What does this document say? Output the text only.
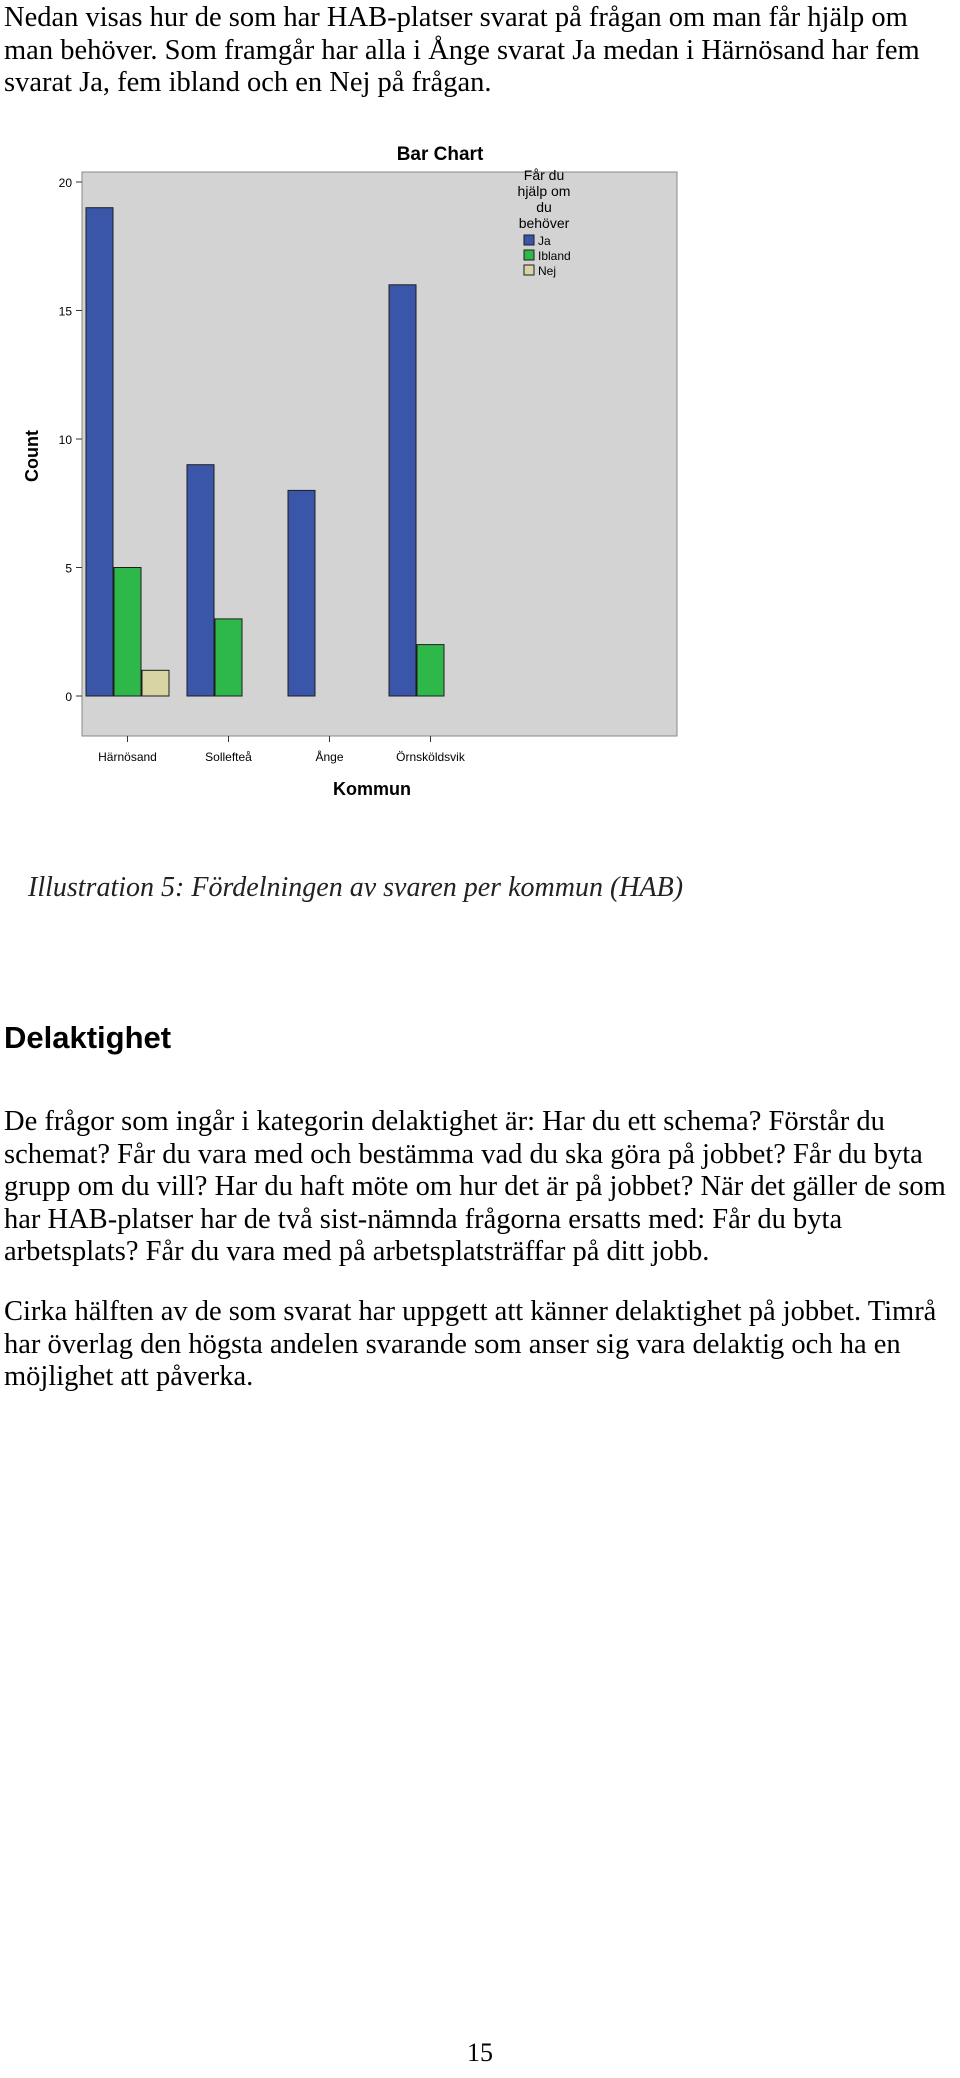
Nedan visas hur de som har HAB-platser svarat på frågan om man får hjälp om man behöver. Som framgår har alla i Ånge svarat Ja medan i Härnösand har fem svarat Ja, fem ibland och en Nej på frågan.

Bar Chart
0
5
10
15
20
Härnösand	Sollefteå	Ånge	Örnsköldsvik
Count
Kommun
Får du
hjälp om
du
behöver
Ja
Ibland
Nej

Illustration 5: Fördelningen av svaren per kommun (HAB)

Delaktighet

De frågor som ingår i kategorin delaktighet är: Har du ett schema? Förstår du schemat? Får du vara med och bestämma vad du ska göra på jobbet? Får du byta grupp om du vill? Har du haft möte om hur det är på jobbet? När det gäller de som har HAB-platser har de två sist-nämnda frågorna ersatts med: Får du byta arbetsplats? Får du vara med på arbetsplatsträffar på ditt jobb.

Cirka hälften av de som svarat har uppgett att känner delaktighet på jobbet. Timrå har överlag den högsta andelen svarande som anser sig vara delaktig och ha en möjlighet att påverka.

15
